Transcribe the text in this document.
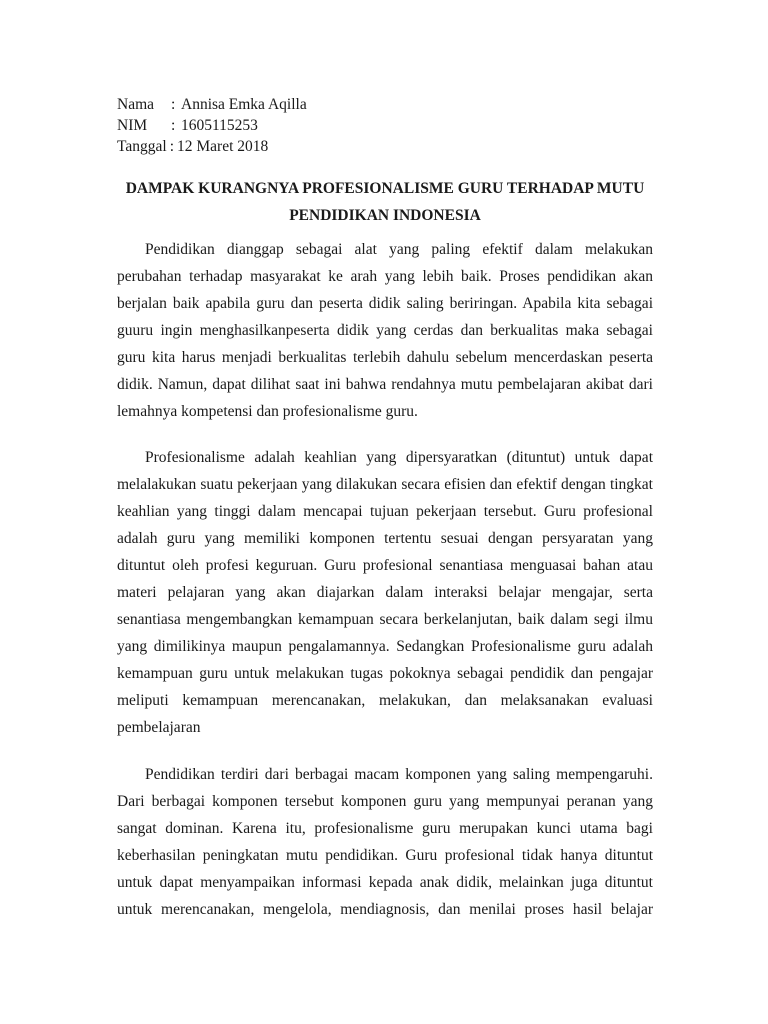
Nama	: Annisa Emka Aqilla
NIM	: 1605115253
Tanggal : 12 Maret 2018
DAMPAK KURANGNYA PROFESIONALISME GURU TERHADAP MUTU
PENDIDIKAN INDONESIA
Pendidikan dianggap sebagai alat yang paling efektif dalam melakukan
perubahan terhadap masyarakat ke arah yang lebih baik. Proses pendidikan akan
berjalan baik apabila guru dan peserta didik saling beriringan. Apabila kita sebagai
guuru ingin menghasilkanpeserta didik yang cerdas dan berkualitas maka sebagai
guru kita harus menjadi berkualitas terlebih dahulu sebelum mencerdaskan peserta
didik. Namun, dapat dilihat saat ini bahwa rendahnya mutu pembelajaran akibat dari
lemahnya kompetensi dan profesionalisme guru.
Profesionalisme adalah keahlian yang dipersyaratkan (dituntut) untuk dapat
melalakukan suatu pekerjaan yang dilakukan secara efisien dan efektif dengan tingkat
keahlian yang tinggi dalam mencapai tujuan pekerjaan tersebut. Guru profesional
adalah guru yang memiliki komponen tertentu sesuai dengan persyaratan yang
dituntut oleh profesi keguruan. Guru profesional senantiasa menguasai bahan atau
materi pelajaran yang akan diajarkan dalam interaksi belajar mengajar, serta
senantiasa mengembangkan kemampuan secara berkelanjutan, baik dalam segi ilmu
yang dimilikinya maupun pengalamannya. Sedangkan Profesionalisme guru adalah
kemampuan guru untuk melakukan tugas pokoknya sebagai pendidik dan pengajar
meliputi kemampuan merencanakan, melakukan, dan melaksanakan evaluasi
pembelajaran
Pendidikan terdiri dari berbagai macam komponen yang saling mempengaruhi.
Dari berbagai komponen tersebut komponen guru yang mempunyai peranan yang
sangat dominan. Karena itu, profesionalisme guru merupakan kunci utama bagi
keberhasilan peningkatan mutu pendidikan. Guru profesional tidak hanya dituntut
untuk dapat menyampaikan informasi kepada anak didik, melainkan juga dituntut
untuk merencanakan, mengelola, mendiagnosis, dan menilai proses hasil belajar
